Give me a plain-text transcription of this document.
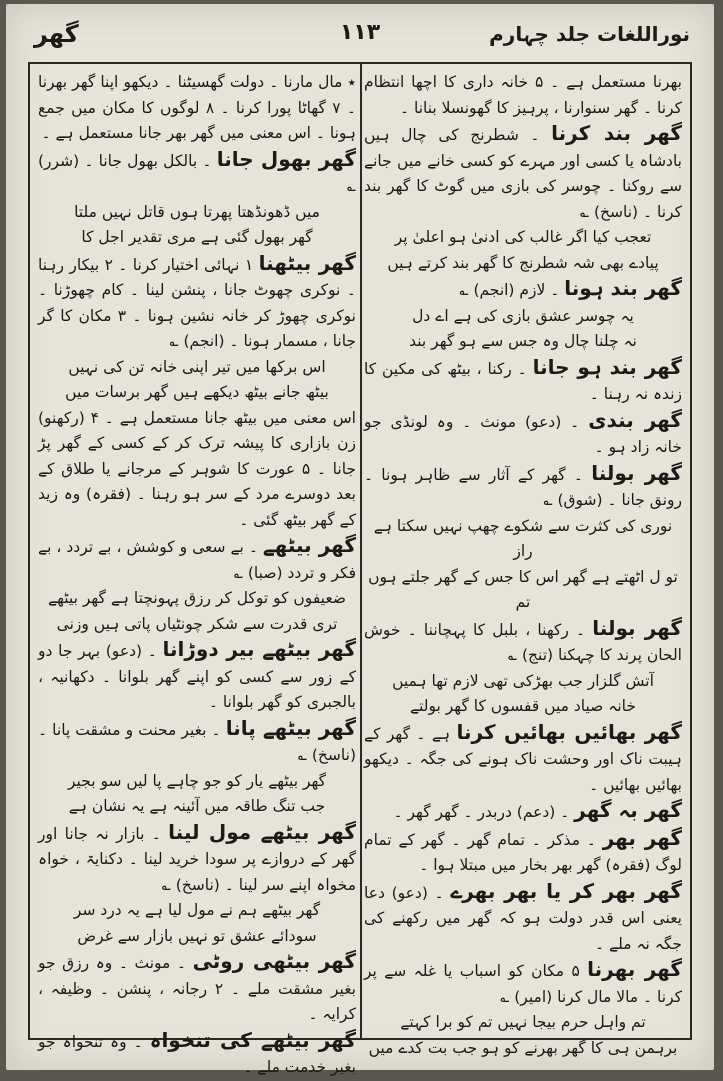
نوراللغات جلد چہارم
۱۱۳
گھر
بھرنا مستعمل ہے ۔ ۵ خانہ داری کا اچھا انتظام کرنا ۔ گھر سنوارنا ، پرہیز کا گھونسلا بنانا ۔
گھر بند کرنا ۔ شطرنج کی چال ہیں بادشاہ یا کسی اور مہرے کو کسی خانے میں جانے سے روکنا ۔ چوسر کی بازی میں گوٹ کا گھر بند کرنا ۔ (ناسخ) ؎
تعجب کیا اگر غالب کی ادنیٰ ہو اعلیٰ پر
پیادے بھی شہ شطرنج کا گھر بند کرتے ہیں
گھر بند ہونا ۔ لازم (انجم) ؎
یہ چوسر عشق بازی کی ہے اے دل
نہ چلنا چال وہ جس سے ہو گھر بند
گھر بند ہو جانا ۔ رکنا ، بیٹھ کی مکین کا زندہ نہ رہنا ۔
گھر بندی ۔ (دعو) مونث ۔ وہ لونڈی جو خانہ زاد ہو ۔
گھر بولنا ۔ گھر کے آثار سے ظاہر ہونا ۔ رونق جانا ۔ (شوق) ؎
نوری کی کثرت سے شکوے چھپ نہیں سکتا ہے راز
تو ل اٹھتے ہے گھر اس کا جس کے گھر جلتے ہوں تم
گھر بولنا ۔ رکھنا ، بلبل کا پہچاننا ۔ خوش الحان پرند کا چہکنا (تنج) ؎
آتش گلزار جب بھڑکی تھی لازم تھا ہمیں
خانہ صیاد میں قفسوں کا گھر بولتے
گھر بھائیں بھائیں کرنا ہے ۔ گھر کے ہیبت ناک اور وحشت ناک ہونے کی جگہ ۔ دیکھو بھائیں بھائیں ۔
گھر بہ گھر ۔ (دعم) دربدر ۔ گھر گھر ۔
گھر بھر ۔ مذکر ۔ تمام گھر ۔ گھر کے تمام لوگ (فقرہ) گھر بھر بخار میں مبتلا ہوا ۔
گھر بھر کر یا بھر بھرے ۔ (دعو) دعا یعنی اس قدر دولت ہو کہ گھر میں رکھنے کی جگہ نہ ملے ۔
گھر بھرنا ۵ مکان کو اسباب یا غلہ سے پر کرنا ۔ مالا مال کرنا (امیر) ؎
تم واہل حرم بیجا نہیں تم کو برا کہتے
برہمن ہی کا گھر بھرنے کو ہو جب بت کدے میں
٭ مال مارنا ۔ دولت گھسیٹنا ۔ دیکھو اپنا گھر بھرنا ۔ ۷ گھاٹا پورا کرنا ۔ ۸ لوگوں کا مکان میں جمع ہونا ۔ اس معنی میں گھر بھر جانا مستعمل ہے ۔
گھر بھول جانا ۔ بالکل بھول جانا ۔ (شرر) ؎
میں ڈھونڈھتا پھرتا ہوں قاتل نہیں ملتا
گھر بھول گئی ہے مری تقدیر اجل کا
گھر بیٹھنا ۱ نہائی اختیار کرنا ۔ ۲ بیکار رہنا ۔ نوکری چھوٹ جانا ، پنشن لینا ۔ کام چھوڑنا ۔ نوکری چھوڑ کر خانہ نشین ہونا ۔ ۳ مکان کا گر جانا ، مسمار ہونا ۔ (انجم) ؎
اس برکھا میں تیر اپنی خانہ تن کی نہیں
بیٹھ جانے بیٹھ دیکھے ہیں گھر برسات میں
اس معنی میں بیٹھ جانا مستعمل ہے ۔ ۴ (رکھنو) زن بازاری کا پیشہ ترک کر کے کسی کے گھر پڑ جانا ۔ ۵ عورت کا شوہر کے مرجانے یا طلاق کے بعد دوسرے مرد کے سر ہو رہنا ۔ (فقرہ) وہ زید کے گھر بیٹھ گئی ۔
گھر بیٹھے ۔ بے سعی و کوشش ، بے تردد ، بے فکر و تردد (صبا) ؎
ضعیفوں کو توکل کر رزق پہونچتا ہے گھر بیٹھے
تری قدرت سے شکر چونٹیاں پاتی ہیں وزنی
گھر بیٹھے بیر دوڑانا ۔ (دعو) بہر جا دو کے زور سے کسی کو اپنے گھر بلوانا ۔ دکھانیہ ، بالجبری کو گھر بلوانا ۔
گھر بیٹھے پانا ۔ بغیر محنت و مشقت پانا ۔ (ناسخ) ؎
گھر بیٹھے یار کو جو چاہے پا لیں سو بجیر
جب تنگ طاقہ میں آئینہ ہے یہ نشان ہے
گھر بیٹھے مول لینا ۔ بازار نہ جانا اور گھر کے دروازے پر سودا خرید لینا ۔ دکنایۃ ، خواہ مخواہ اپنے سر لینا ۔ (ناسخ) ؎
گھر بیٹھے ہم نے مول لیا ہے یہ درد سر
سودائے عشق تو نہیں بازار سے غرض
گھر بیٹھی روٹی ۔ مونث ۔ وہ رزق جو بغیر مشقت ملے ۔ ۲ رجانہ ، پنشن ۔ وظیفہ ، کرایہ ۔
گھر بیٹھے کی تنخواہ ۔ وہ تنخواہ جو بغیر خدمت ملے ۔
